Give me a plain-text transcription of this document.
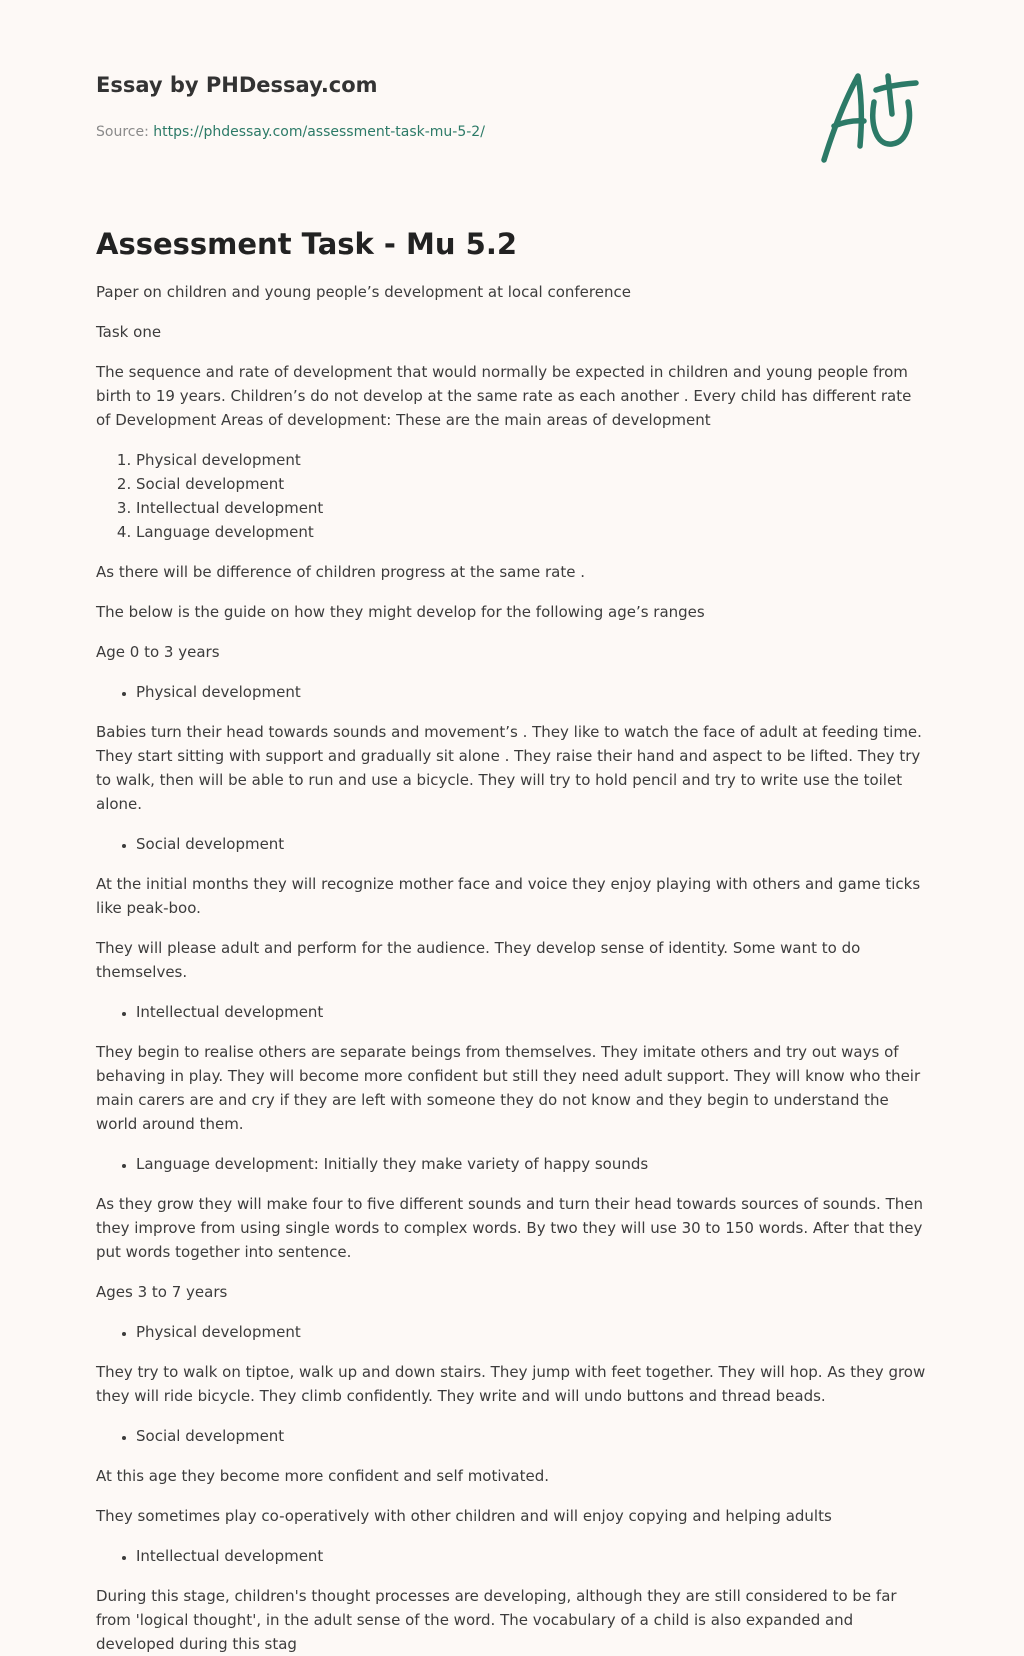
Essay by PHDessay.com
Source: https://phdessay.com/assessment-task-mu-5-2/
Assessment Task - Mu 5.2

Paper on children and young people’s development at local conference

Task one

The sequence and rate of development that would normally be expected in children and young people from birth to 19 years. Children’s do not develop at the same rate as each another . Every child has different rate of Development Areas of development: These are the main areas of development

1. Physical development
2. Social development
3. Intellectual development
4. Language development

As there will be difference of children progress at the same rate .

The below is the guide on how they might develop for the following age’s ranges

Age 0 to 3 years

• Physical development

Babies turn their head towards sounds and movement’s . They like to watch the face of adult at feeding time. They start sitting with support and gradually sit alone . They raise their hand and aspect to be lifted. They try to walk, then will be able to run and use a bicycle. They will try to hold pencil and try to write use the toilet alone.

• Social development

At the initial months they will recognize mother face and voice they enjoy playing with others and game ticks like peak-boo.

They will please adult and perform for the audience. They develop sense of identity. Some want to do themselves.

• Intellectual development

They begin to realise others are separate beings from themselves. They imitate others and try out ways of behaving in play. They will become more confident but still they need adult support. They will know who their main carers are and cry if they are left with someone they do not know and they begin to understand the world around them.

• Language development: Initially they make variety of happy sounds

As they grow they will make four to five different sounds and turn their head towards sources of sounds. Then they improve from using single words to complex words. By two they will use 30 to 150 words. After that they put words together into sentence.

Ages 3 to 7 years

• Physical development

They try to walk on tiptoe, walk up and down stairs. They jump with feet together. They will hop. As they grow they will ride bicycle. They climb confidently. They write and will undo buttons and thread beads.

• Social development

At this age they become more confident and self motivated.

They sometimes play co-operatively with other children and will enjoy copying and helping adults

• Intellectual development

During this stage, children's thought processes are developing, although they are still considered to be far from 'logical thought', in the adult sense of the word. The vocabulary of a child is also expanded and developed during this stag
